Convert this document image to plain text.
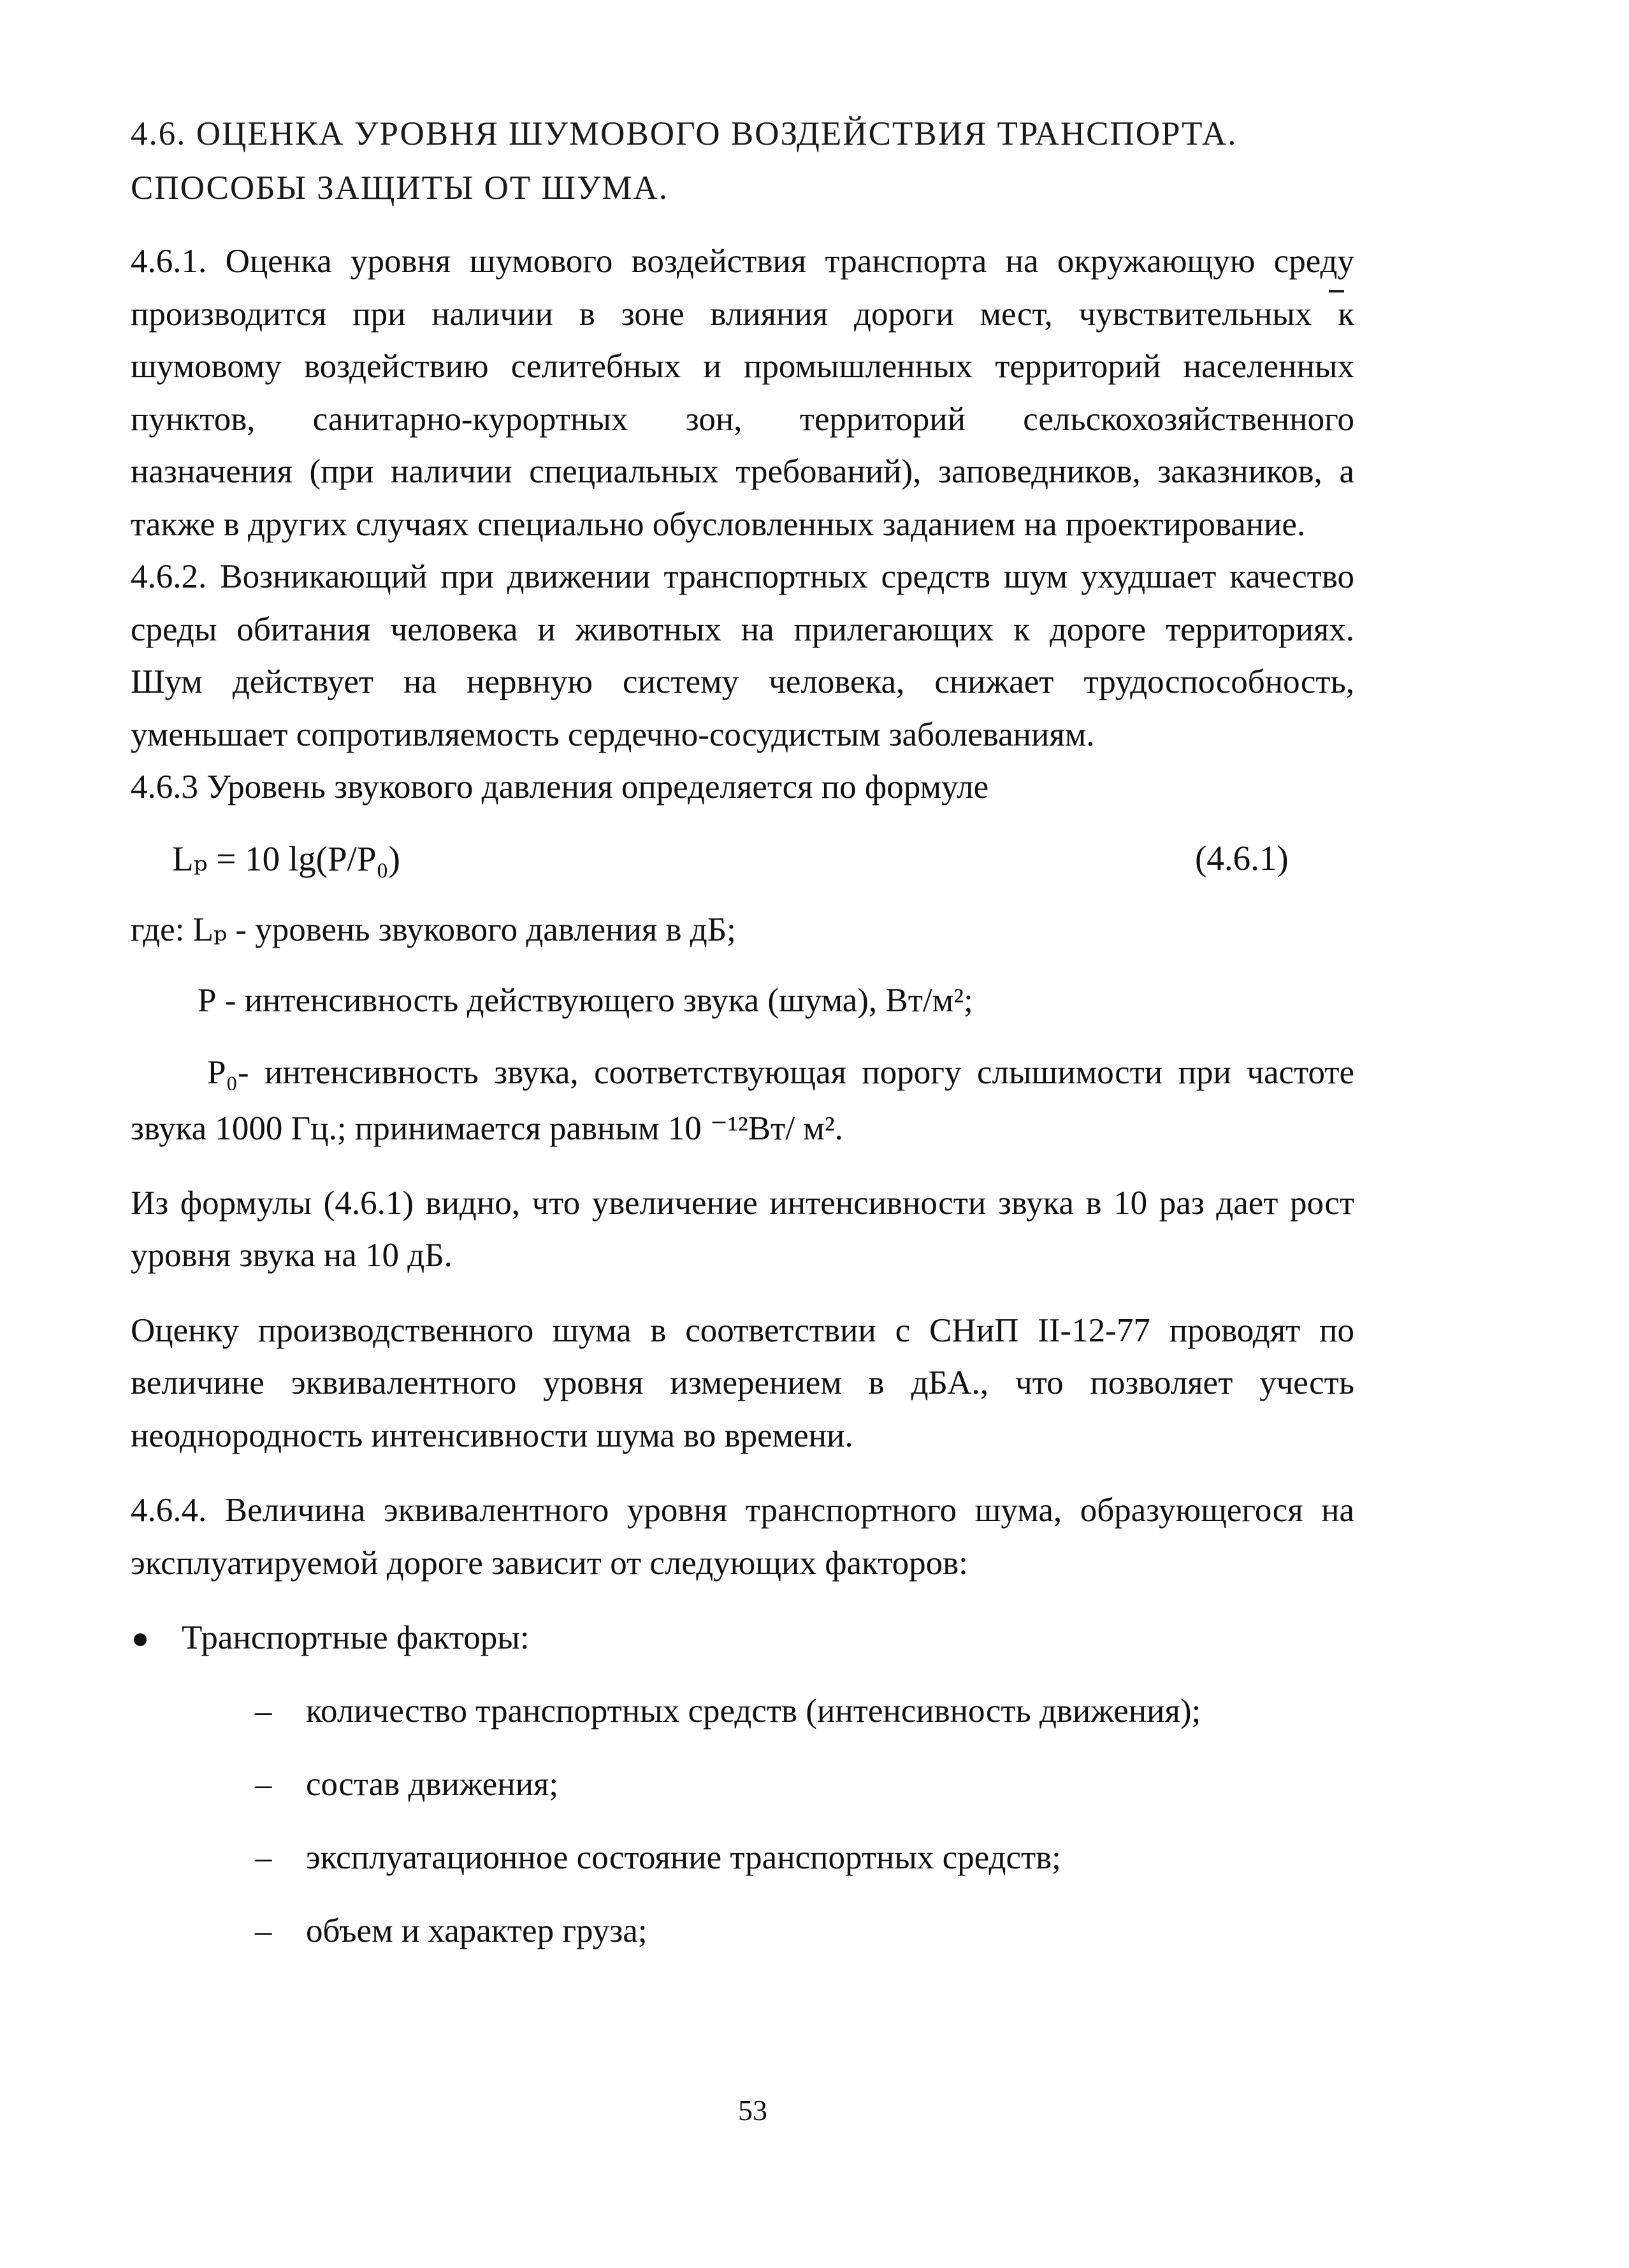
4.6. ОЦЕНКА УРОВНЯ ШУМОВОГО ВОЗДЕЙСТВИЯ ТРАНСПОРТА.
СПОСОБЫ ЗАЩИТЫ ОТ ШУМА.
4.6.1. Оценка уровня шумового воздействия транспорта на окружающую среду
производится при наличии в зоне влияния дороги мест, чувствительных к
шумовому воздействию селитебных и промышленных территорий населенных
пунктов, санитарно-курортных зон, территорий сельскохозяйственного
назначения (при наличии специальных требований), заповедников, заказников, а
также в других случаях специально обусловленных заданием на проектирование.
4.6.2. Возникающий при движении транспортных средств шум ухудшает качество
среды обитания человека и животных на прилегающих к дороге территориях.
Шум действует на нервную систему человека, снижает трудоспособность,
уменьшает сопротивляемость сердечно-сосудистым заболеваниям.
4.6.3 Уровень звукового давления определяется по формуле
Lₚ = 10 lg(P/P₀)	(4.6.1)
где: Lₚ - уровень звукового давления в дБ;
Р - интенсивность действующего звука (шума), Вт/м²;
P₀- интенсивность звука, соответствующая порогу слышимости при частоте
звука 1000 Гц.; принимается равным 10 ⁻¹²Вт/ м².
Из формулы (4.6.1) видно, что увеличение интенсивности звука в 10 раз дает рост
уровня звука на 10 дБ.
Оценку производственного шума в соответствии с СНиП II-12-77 проводят по
величине эквивалентного уровня измерением в дБА., что позволяет учесть
неоднородность интенсивности шума во времени.
4.6.4. Величина эквивалентного уровня транспортного шума, образующегося на
эксплуатируемой дороге зависит от следующих факторов:
Транспортные факторы:
– количество транспортных средств (интенсивность движения);
– состав движения;
– эксплуатационное состояние транспортных средств;
– объем и характер груза;
53
